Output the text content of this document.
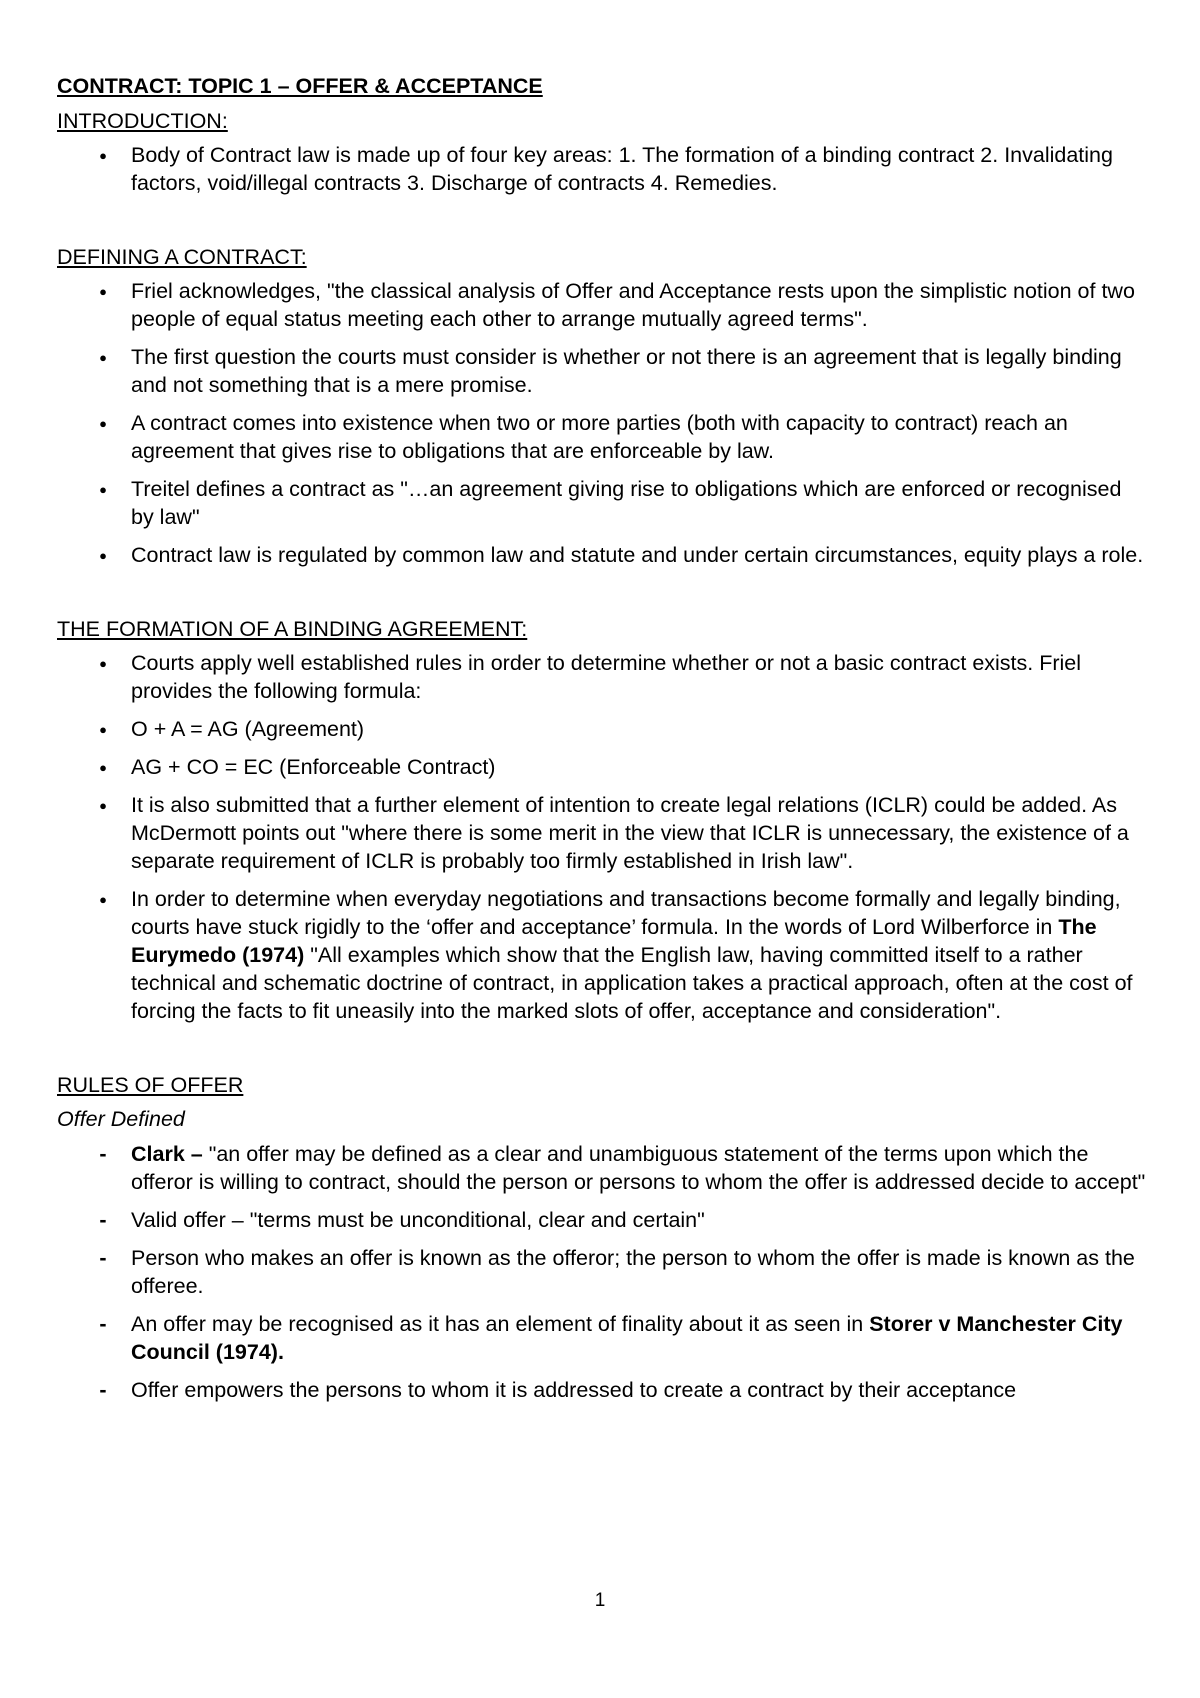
CONTRACT: TOPIC 1 – OFFER & ACCEPTANCE
INTRODUCTION:
●
Body of Contract law is made up of four key areas: 1. The formation of a binding contract 2. Invalidating factors, void/illegal contracts 3. Discharge of contracts 4. Remedies.
DEFINING A CONTRACT:
●
Friel acknowledges, "the classical analysis of Offer and Acceptance rests upon the simplistic notion of two people of equal status meeting each other to arrange mutually agreed terms".
●
The first question the courts must consider is whether or not there is an agreement that is legally binding and not something that is a mere promise.
●
A contract comes into existence when two or more parties (both with capacity to contract) reach an agreement that gives rise to obligations that are enforceable by law.
●
Treitel defines a contract as "…an agreement giving rise to obligations which are enforced or recognised by law"
●
Contract law is regulated by common law and statute and under certain circumstances, equity plays a role.
THE FORMATION OF A BINDING AGREEMENT:
●
Courts apply well established rules in order to determine whether or not a basic contract exists. Friel provides the following formula:
●
O + A = AG (Agreement)
●
AG + CO = EC (Enforceable Contract)
●
It is also submitted that a further element of intention to create legal relations (ICLR) could be added. As McDermott points out "where there is some merit in the view that ICLR is unnecessary, the existence of a separate requirement of ICLR is probably too firmly established in Irish law".
●
In order to determine when everyday negotiations and transactions become formally and legally binding, courts have stuck rigidly to the ‘offer and acceptance’ formula. In the words of Lord Wilberforce in The Eurymedo (1974) "All examples which show that the English law, having committed itself to a rather technical and schematic doctrine of contract, in application takes a practical approach, often at the cost of forcing the facts to fit uneasily into the marked slots of offer, acceptance and consideration".
RULES OF OFFER
Offer Defined
-
Clark – "an offer may be defined as a clear and unambiguous statement of the terms upon which the offeror is willing to contract, should the person or persons to whom the offer is addressed decide to accept"
-
Valid offer – "terms must be unconditional, clear and certain"
-
Person who makes an offer is known as the offeror; the person to whom the offer is made is known as the offeree.
-
An offer may be recognised as it has an element of finality about it as seen in Storer v Manchester City Council (1974).
-
Offer empowers the persons to whom it is addressed to create a contract by their acceptance
1
